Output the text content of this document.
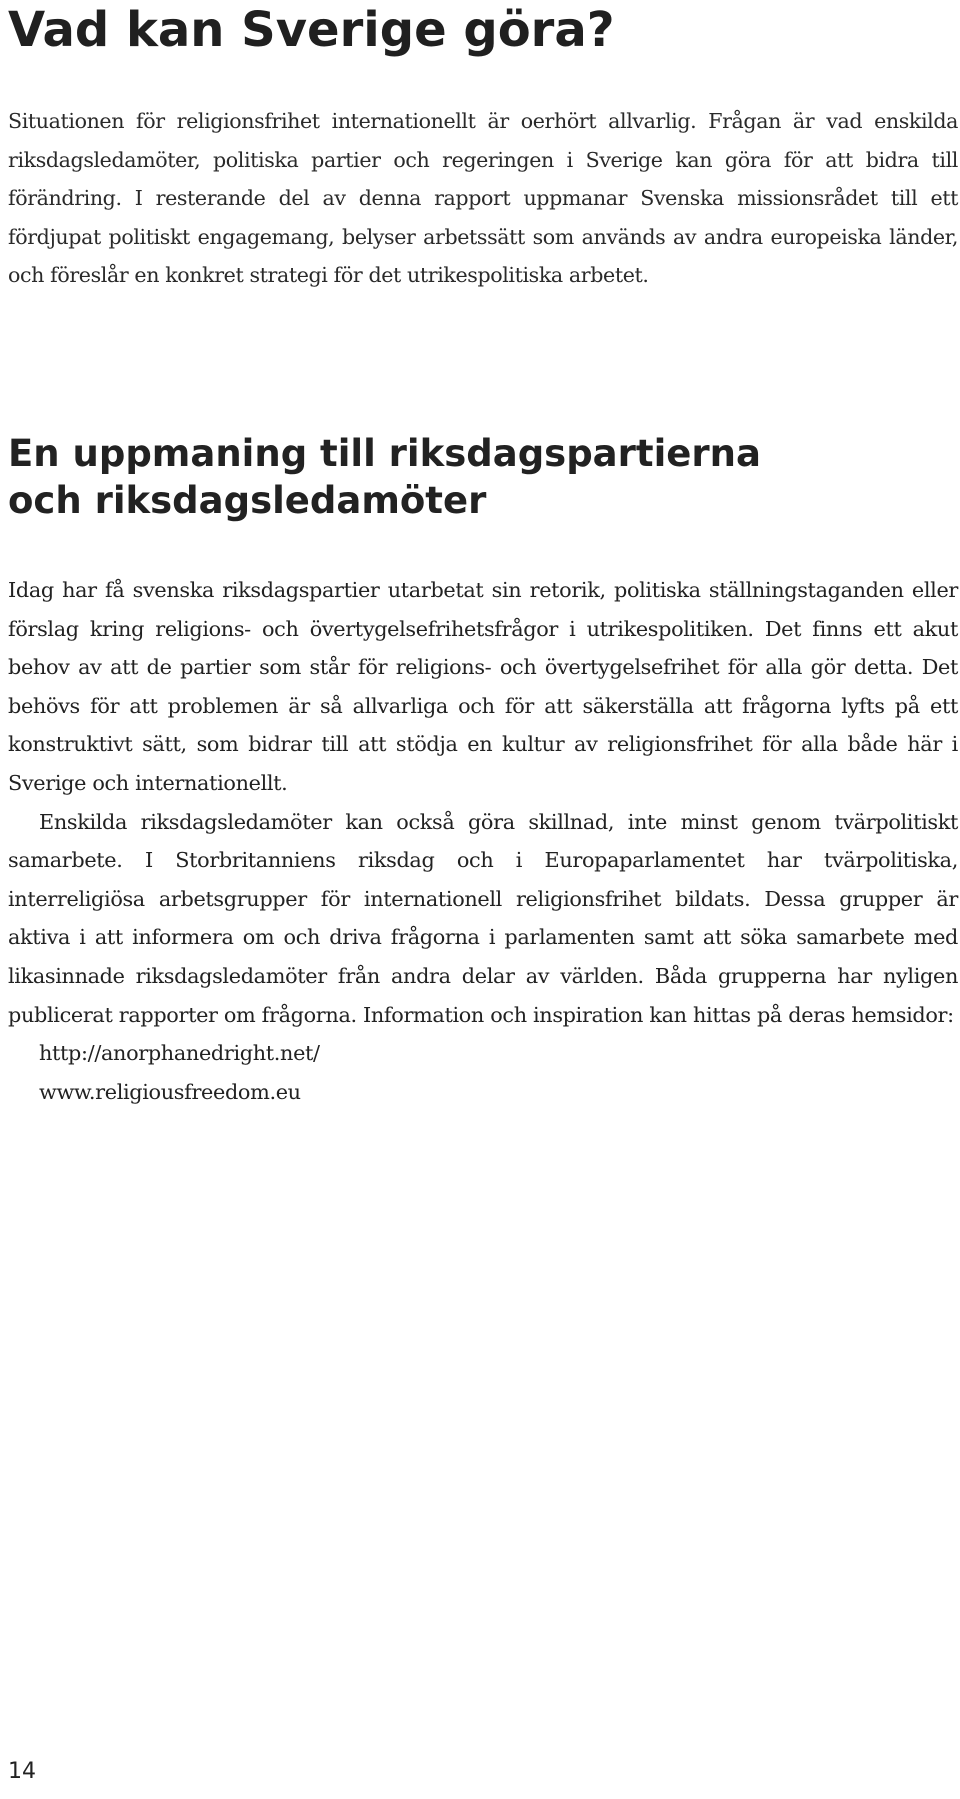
Vad kan Sverige göra?

Situationen för religionsfrihet internationellt är oerhört allvarlig. Frågan är vad enskilda riksdagsledamöter, politiska partier och regeringen i Sverige kan göra för att bidra till förändring. I resterande del av denna rapport uppmanar Svenska missionsrådet till ett fördjupat politiskt engagemang, belyser arbetssätt som används av andra europeiska länder, och föreslår en konkret strategi för det utrikespolitiska arbetet.

En uppmaning till riksdagspartierna
och riksdagsledamöter

Idag har få svenska riksdagspartier utarbetat sin retorik, politiska ställningstaganden eller förslag kring religions- och övertygelsefrihetsfrågor i utrikespolitiken. Det finns ett akut behov av att de partier som står för religions- och övertygelsefrihet för alla gör detta. Det behövs för att problemen är så allvarliga och för att säkerställa att frågorna lyfts på ett konstruktivt sätt, som bidrar till att stödja en kultur av religionsfrihet för alla både här i Sverige och internationellt.

Enskilda riksdagsledamöter kan också göra skillnad, inte minst genom tvärpolitiskt samarbete. I Storbritanniens riksdag och i Europaparlamentet har tvärpolitiska, interreligiösa arbetsgrupper för internationell religionsfrihet bildats. Dessa grupper är aktiva i att informera om och driva frågorna i parlamenten samt att söka samarbete med likasinnade riksdagsledamöter från andra delar av världen. Båda grupperna har nyligen publicerat rapporter om frågorna. Information och inspiration kan hittas på deras hemsidor:

http://anorphanedright.net/
www.religiousfreedom.eu
14
